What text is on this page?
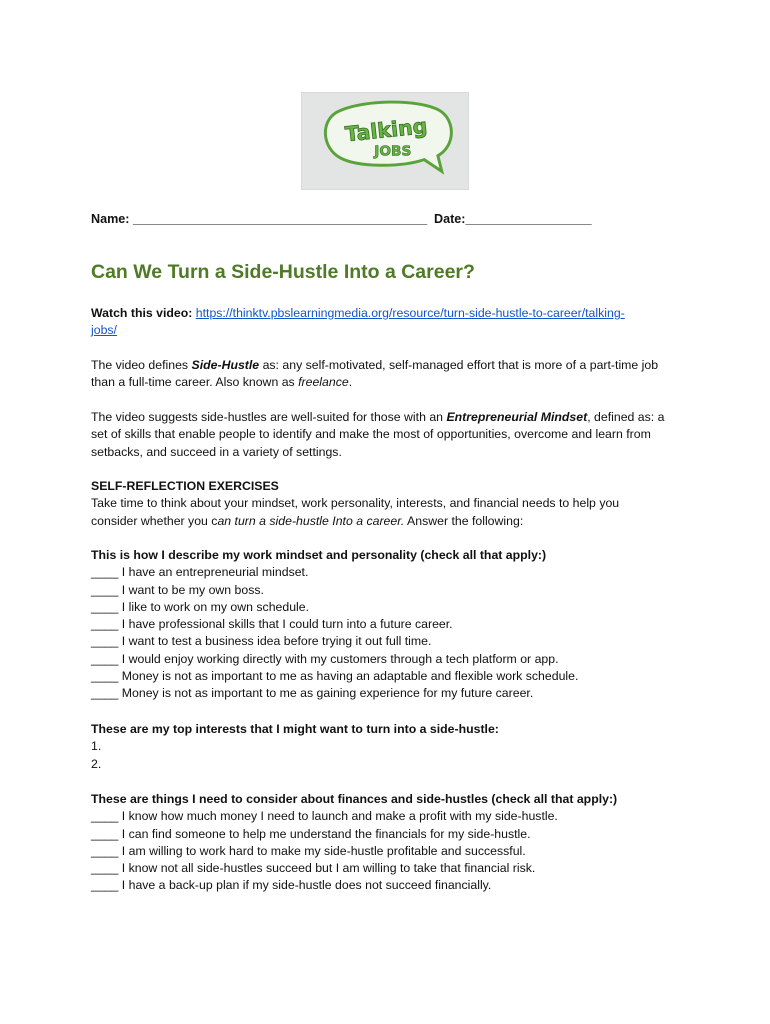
Talking
JOBS
Name: __________________________________________ Date:__________________
Can We Turn a Side-Hustle Into a Career?
Watch this video: https://thinktv.pbslearningmedia.org/resource/turn-side-hustle-to-career/talking-
jobs/
The video defines Side-Hustle as: any self-motivated, self-managed effort that is more of a part-time job
than a full-time career. Also known as freelance.
The video suggests side-hustles are well-suited for those with an Entrepreneurial Mindset, defined as: a
set of skills that enable people to identify and make the most of opportunities, overcome and learn from
setbacks, and succeed in a variety of settings.
SELF-REFLECTION EXERCISES
Take time to think about your mindset, work personality, interests, and financial needs to help you
consider whether you can turn a side-hustle Into a career. Answer the following:
This is how I describe my work mindset and personality (check all that apply:)
____ I have an entrepreneurial mindset.
____ I want to be my own boss.
____ I like to work on my own schedule.
____ I have professional skills that I could turn into a future career.
____ I want to test a business idea before trying it out full time.
____ I would enjoy working directly with my customers through a tech platform or app.
____ Money is not as important to me as having an adaptable and flexible work schedule.
____ Money is not as important to me as gaining experience for my future career.
These are my top interests that I might want to turn into a side-hustle:
1.
2.
These are things I need to consider about finances and side-hustles (check all that apply:)
____ I know how much money I need to launch and make a profit with my side-hustle.
____ I can find someone to help me understand the financials for my side-hustle.
____ I am willing to work hard to make my side-hustle profitable and successful.
____ I know not all side-hustles succeed but I am willing to take that financial risk.
____ I have a back-up plan if my side-hustle does not succeed financially.
